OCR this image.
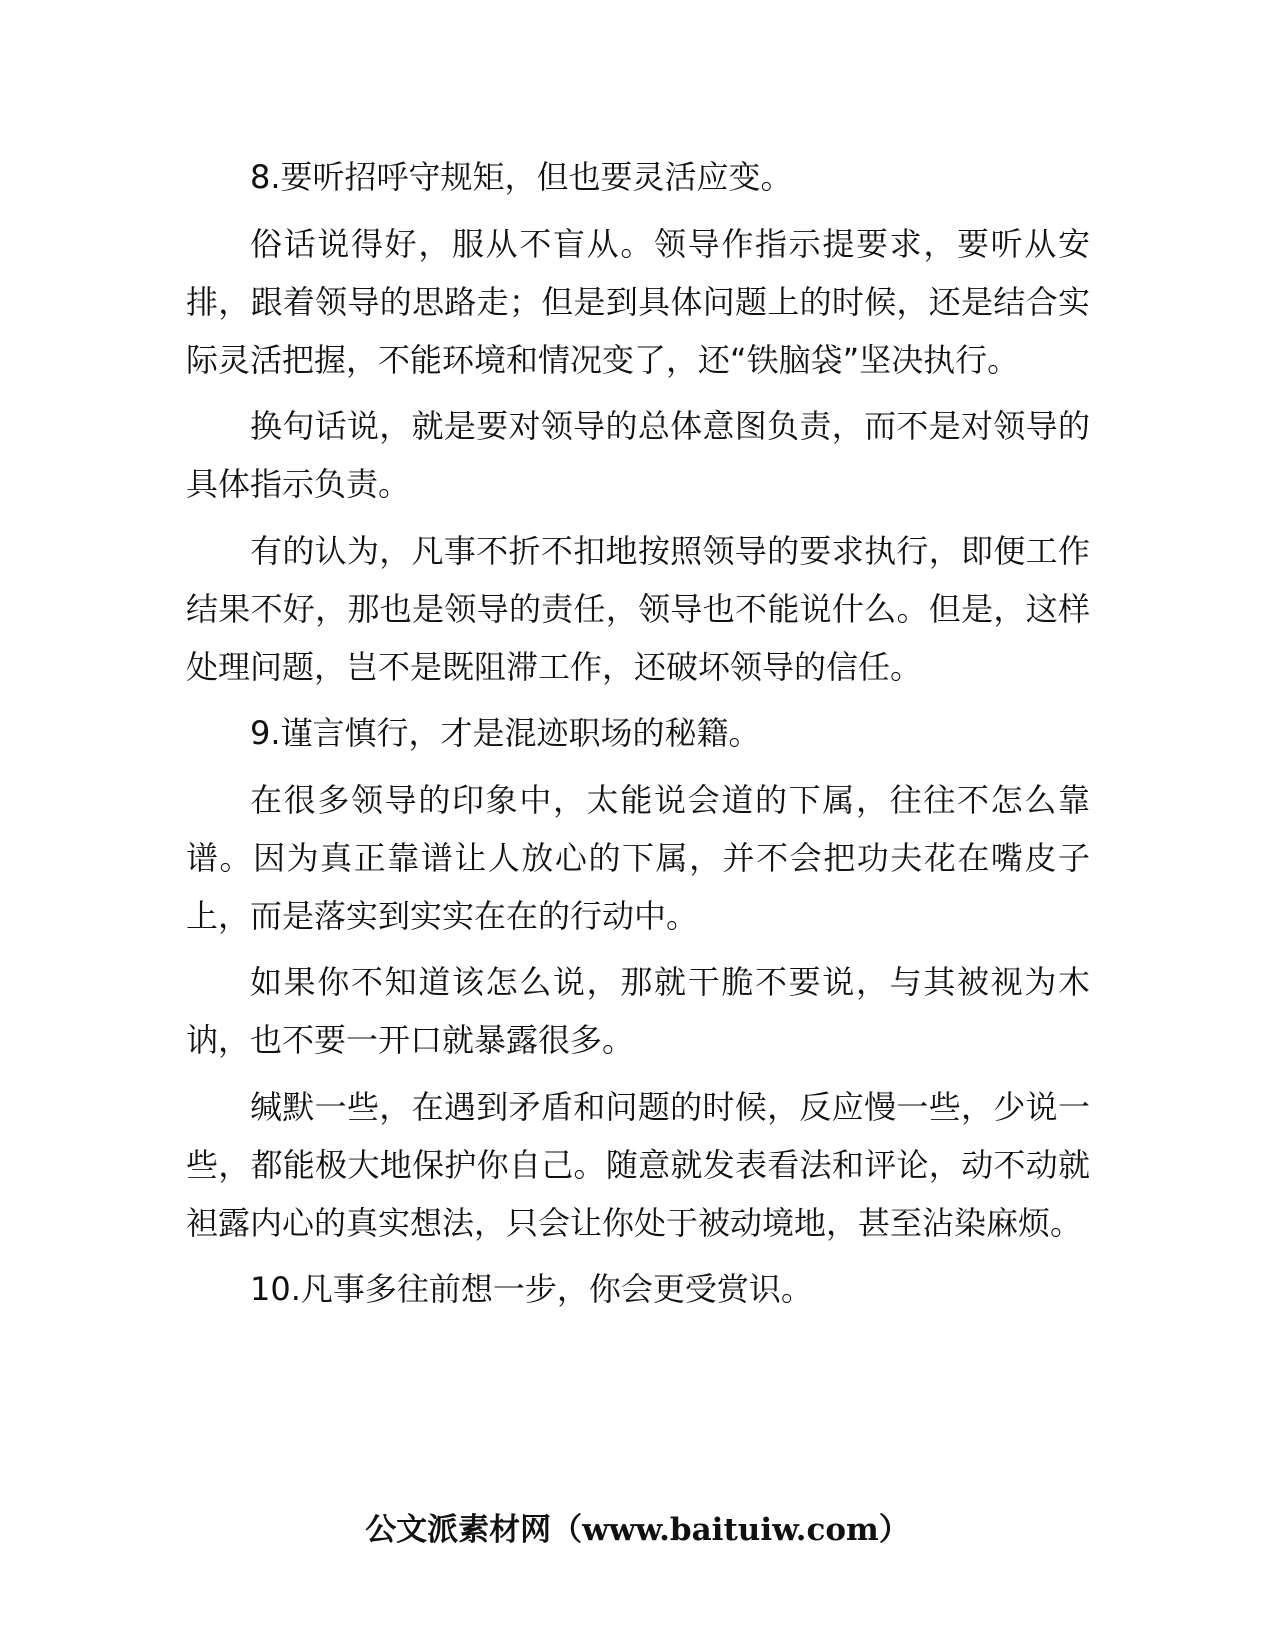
8.要听招呼守规矩，但也要灵活应变。

俗话说得好，服从不盲从。领导作指示提要求，要听从安排，跟着领导的思路走；但是到具体问题上的时候，还是结合实际灵活把握，不能环境和情况变了，还“铁脑袋”坚决执行。

换句话说，就是要对领导的总体意图负责，而不是对领导的具体指示负责。

有的认为，凡事不折不扣地按照领导的要求执行，即便工作结果不好，那也是领导的责任，领导也不能说什么。但是，这样处理问题，岂不是既阻滞工作，还破坏领导的信任。

9.谨言慎行，才是混迹职场的秘籍。

在很多领导的印象中，太能说会道的下属，往往不怎么靠谱。因为真正靠谱让人放心的下属，并不会把功夫花在嘴皮子上，而是落实到实实在在的行动中。

如果你不知道该怎么说，那就干脆不要说，与其被视为木讷，也不要一开口就暴露很多。

缄默一些，在遇到矛盾和问题的时候，反应慢一些，少说一些，都能极大地保护你自己。随意就发表看法和评论，动不动就袒露内心的真实想法，只会让你处于被动境地，甚至沾染麻烦。

10.凡事多往前想一步，你会更受赏识。

公文派素材网（www.baituiw.com）
